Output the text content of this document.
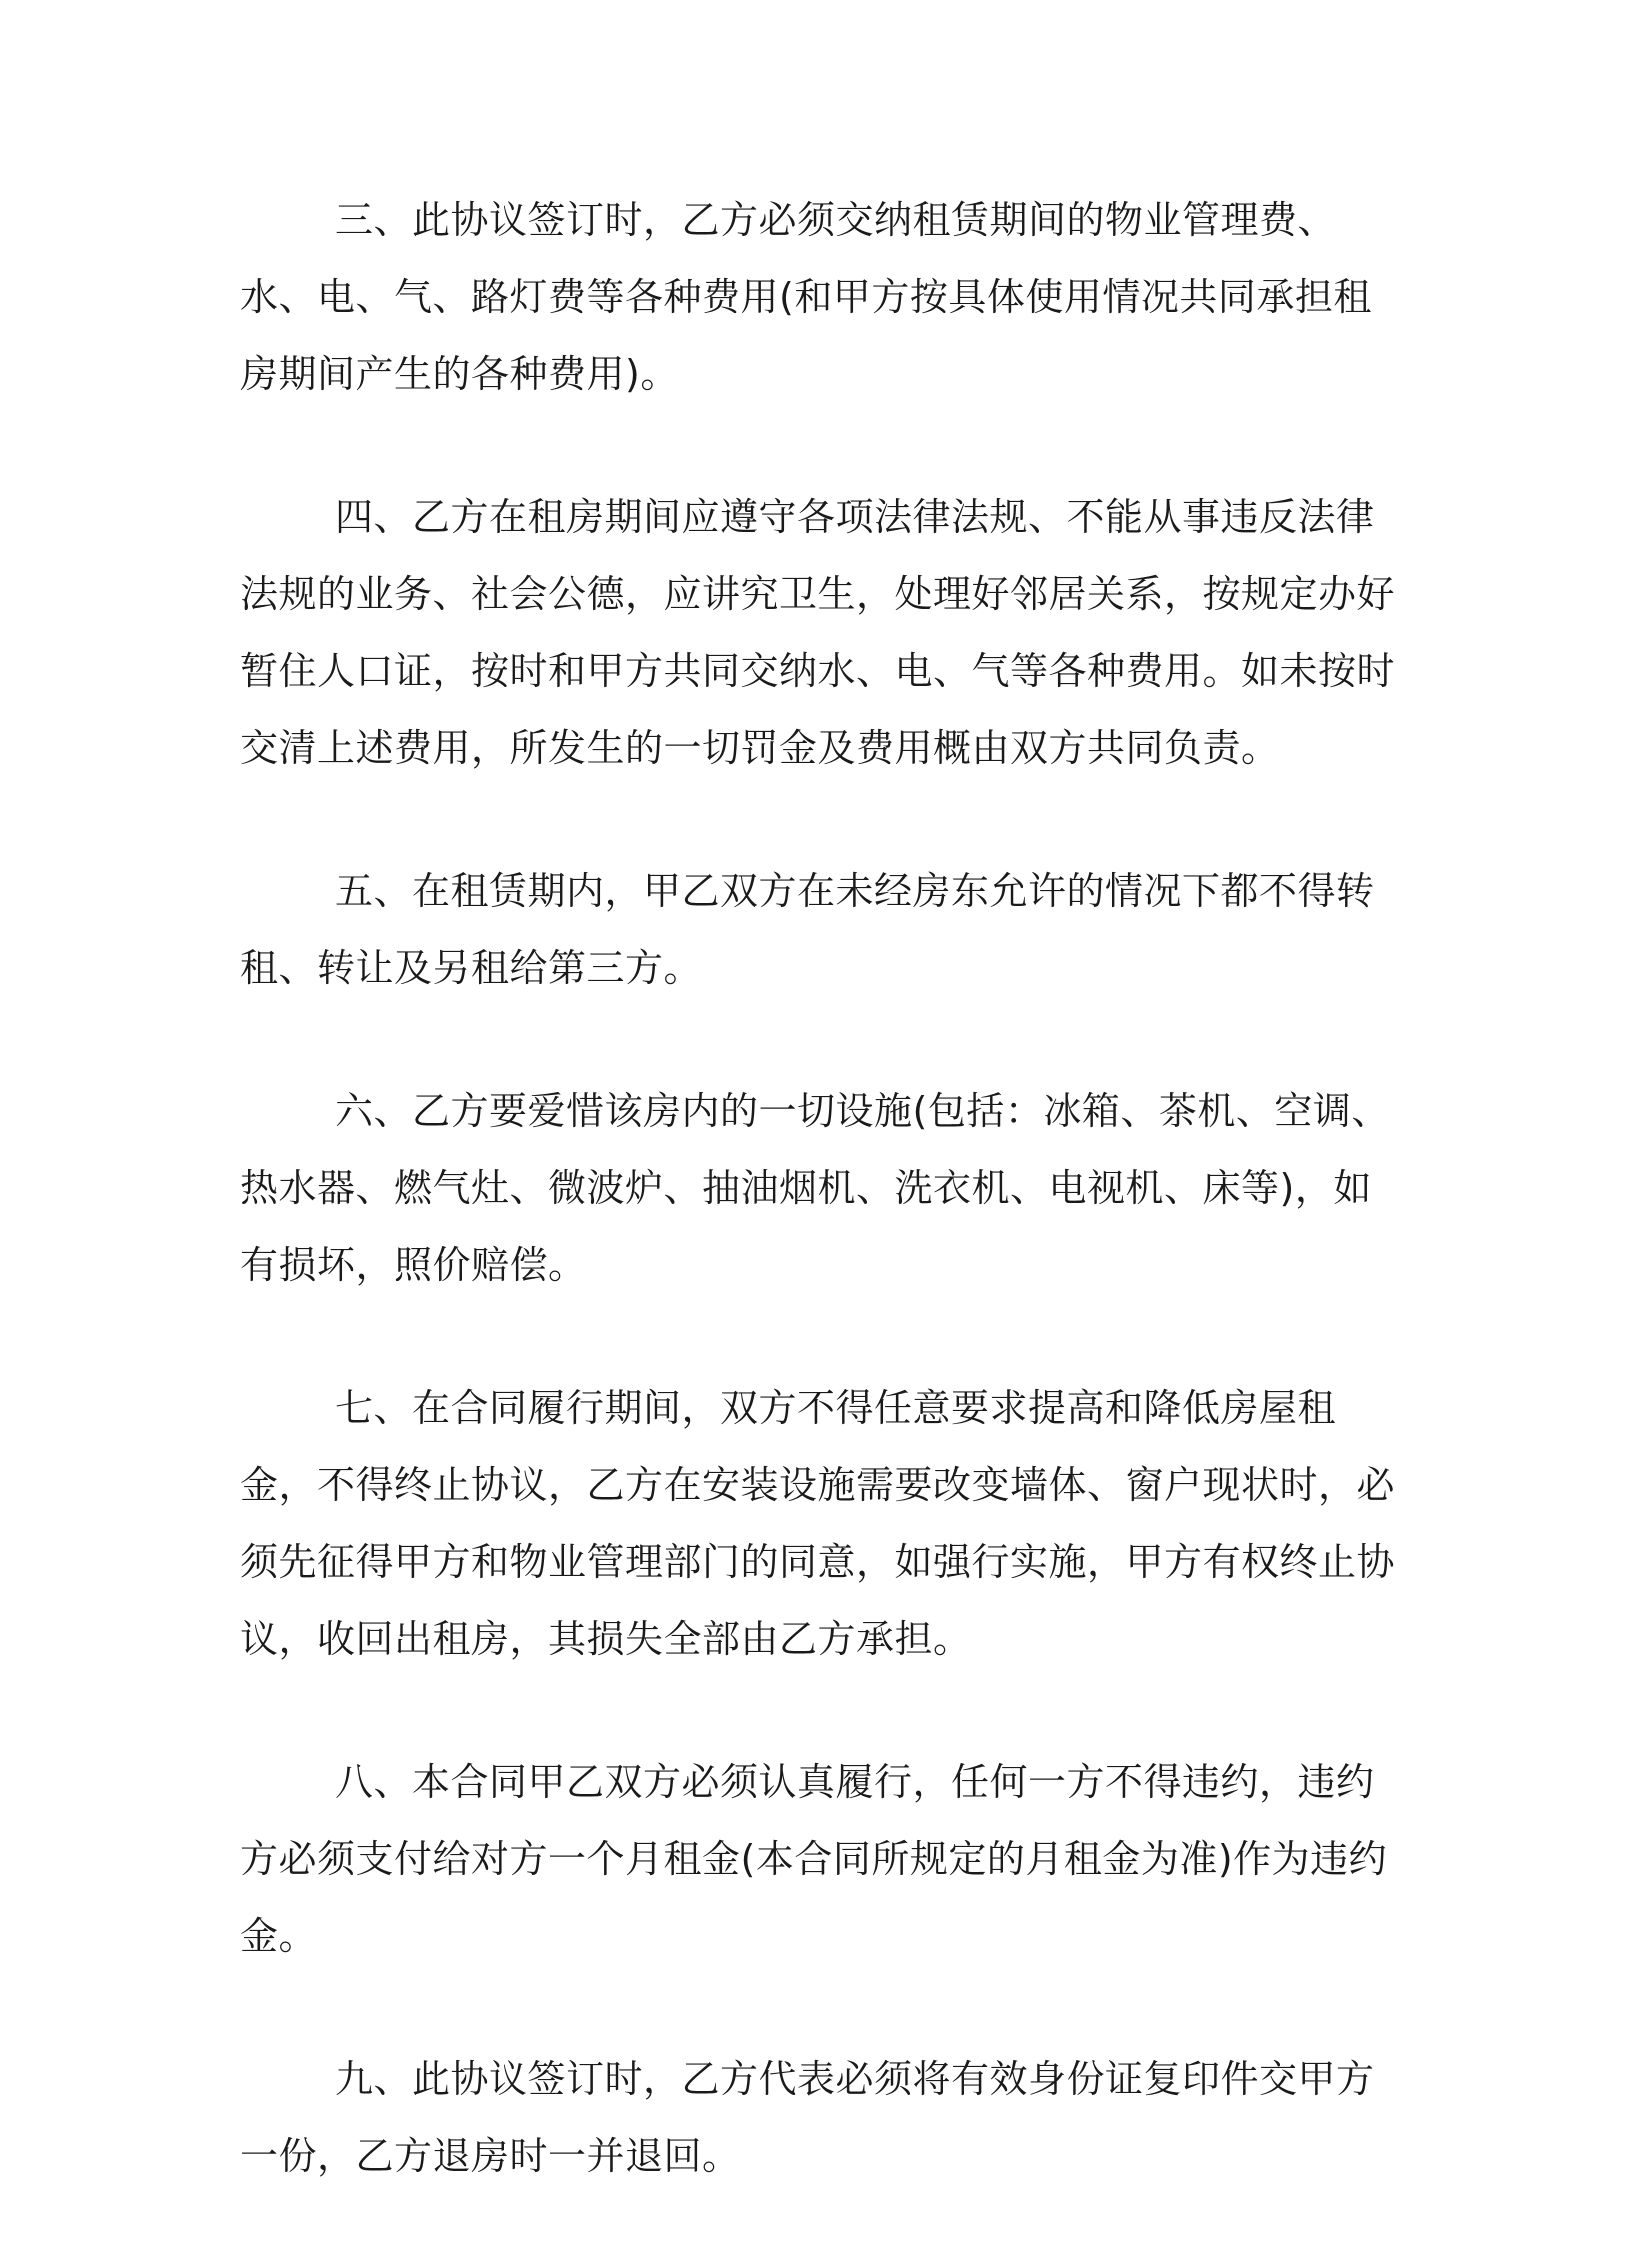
三、此协议签订时，乙方必须交纳租赁期间的物业管理费、水、电、气、路灯费等各种费用(和甲方按具体使用情况共同承担租房期间产生的各种费用)。

四、乙方在租房期间应遵守各项法律法规、不能从事违反法律法规的业务、社会公德，应讲究卫生，处理好邻居关系，按规定办好暂住人口证，按时和甲方共同交纳水、电、气等各种费用。如未按时交清上述费用，所发生的一切罚金及费用概由双方共同负责。

五、在租赁期内，甲乙双方在未经房东允许的情况下都不得转租、转让及另租给第三方。

六、乙方要爱惜该房内的一切设施(包括：冰箱、茶机、空调、热水器、燃气灶、微波炉、抽油烟机、洗衣机、电视机、床等)，如有损坏，照价赔偿。

七、在合同履行期间，双方不得任意要求提高和降低房屋租金，不得终止协议，乙方在安装设施需要改变墙体、窗户现状时，必须先征得甲方和物业管理部门的同意，如强行实施，甲方有权终止协议，收回出租房，其损失全部由乙方承担。

八、本合同甲乙双方必须认真履行，任何一方不得违约，违约方必须支付给对方一个月租金(本合同所规定的月租金为准)作为违约金。

九、此协议签订时，乙方代表必须将有效身份证复印件交甲方一份，乙方退房时一并退回。
